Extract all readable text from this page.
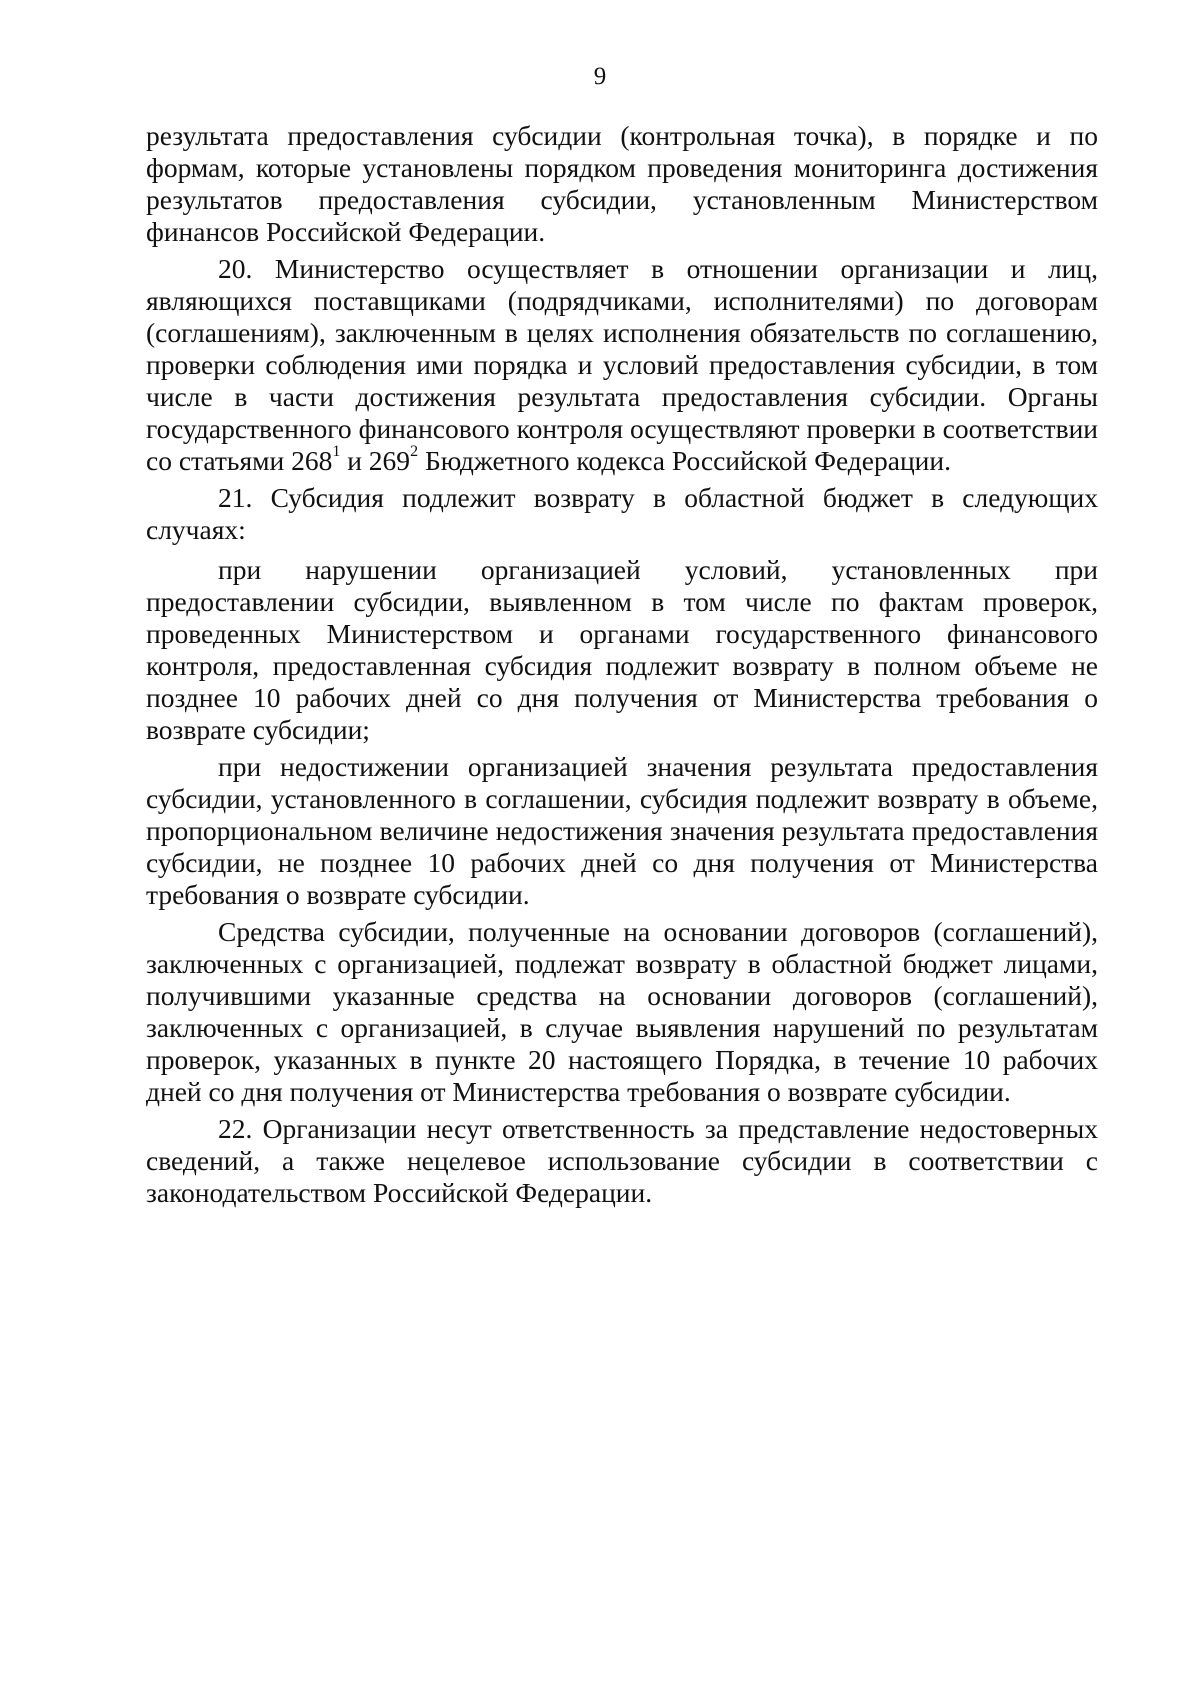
9

результата предоставления субсидии (контрольная точка), в порядке и по формам, которые установлены порядком проведения мониторинга достижения результатов предоставления субсидии, установленным Министерством финансов Российской Федерации.

20. Министерство осуществляет в отношении организации и лиц, являющихся поставщиками (подрядчиками, исполнителями) по договорам (соглашениям), заключенным в целях исполнения обязательств по соглашению, проверки соблюдения ими порядка и условий предоставления субсидии, в том числе в части достижения результата предоставления субсидии. Органы государственного финансового контроля осуществляют проверки в соответствии со статьями $268^1$ и $269^2$ Бюджетного кодекса Российской Федерации.

21. Субсидия подлежит возврату в областной бюджет в следующих случаях:

при нарушении организацией условий, установленных при предоставлении субсидии, выявленном в том числе по фактам проверок, проведенных Министерством и органами государственного финансового контроля, предоставленная субсидия подлежит возврату в полном объеме не позднее 10 рабочих дней со дня получения от Министерства требования о возврате субсидии;

при недостижении организацией значения результата предоставления субсидии, установленного в соглашении, субсидия подлежит возврату в объеме, пропорциональном величине недостижения значения результата предоставления субсидии, не позднее 10 рабочих дней со дня получения от Министерства требования о возврате субсидии.

Средства субсидии, полученные на основании договоров (соглашений), заключенных с организацией, подлежат возврату в областной бюджет лицами, получившими указанные средства на основании договоров (соглашений), заключенных с организацией, в случае выявления нарушений по результатам проверок, указанных в пункте 20 настоящего Порядка, в течение 10 рабочих дней со дня получения от Министерства требования о возврате субсидии.

22. Организации несут ответственность за представление недостоверных сведений, а также нецелевое использование субсидии в соответствии с законодательством Российской Федерации.
